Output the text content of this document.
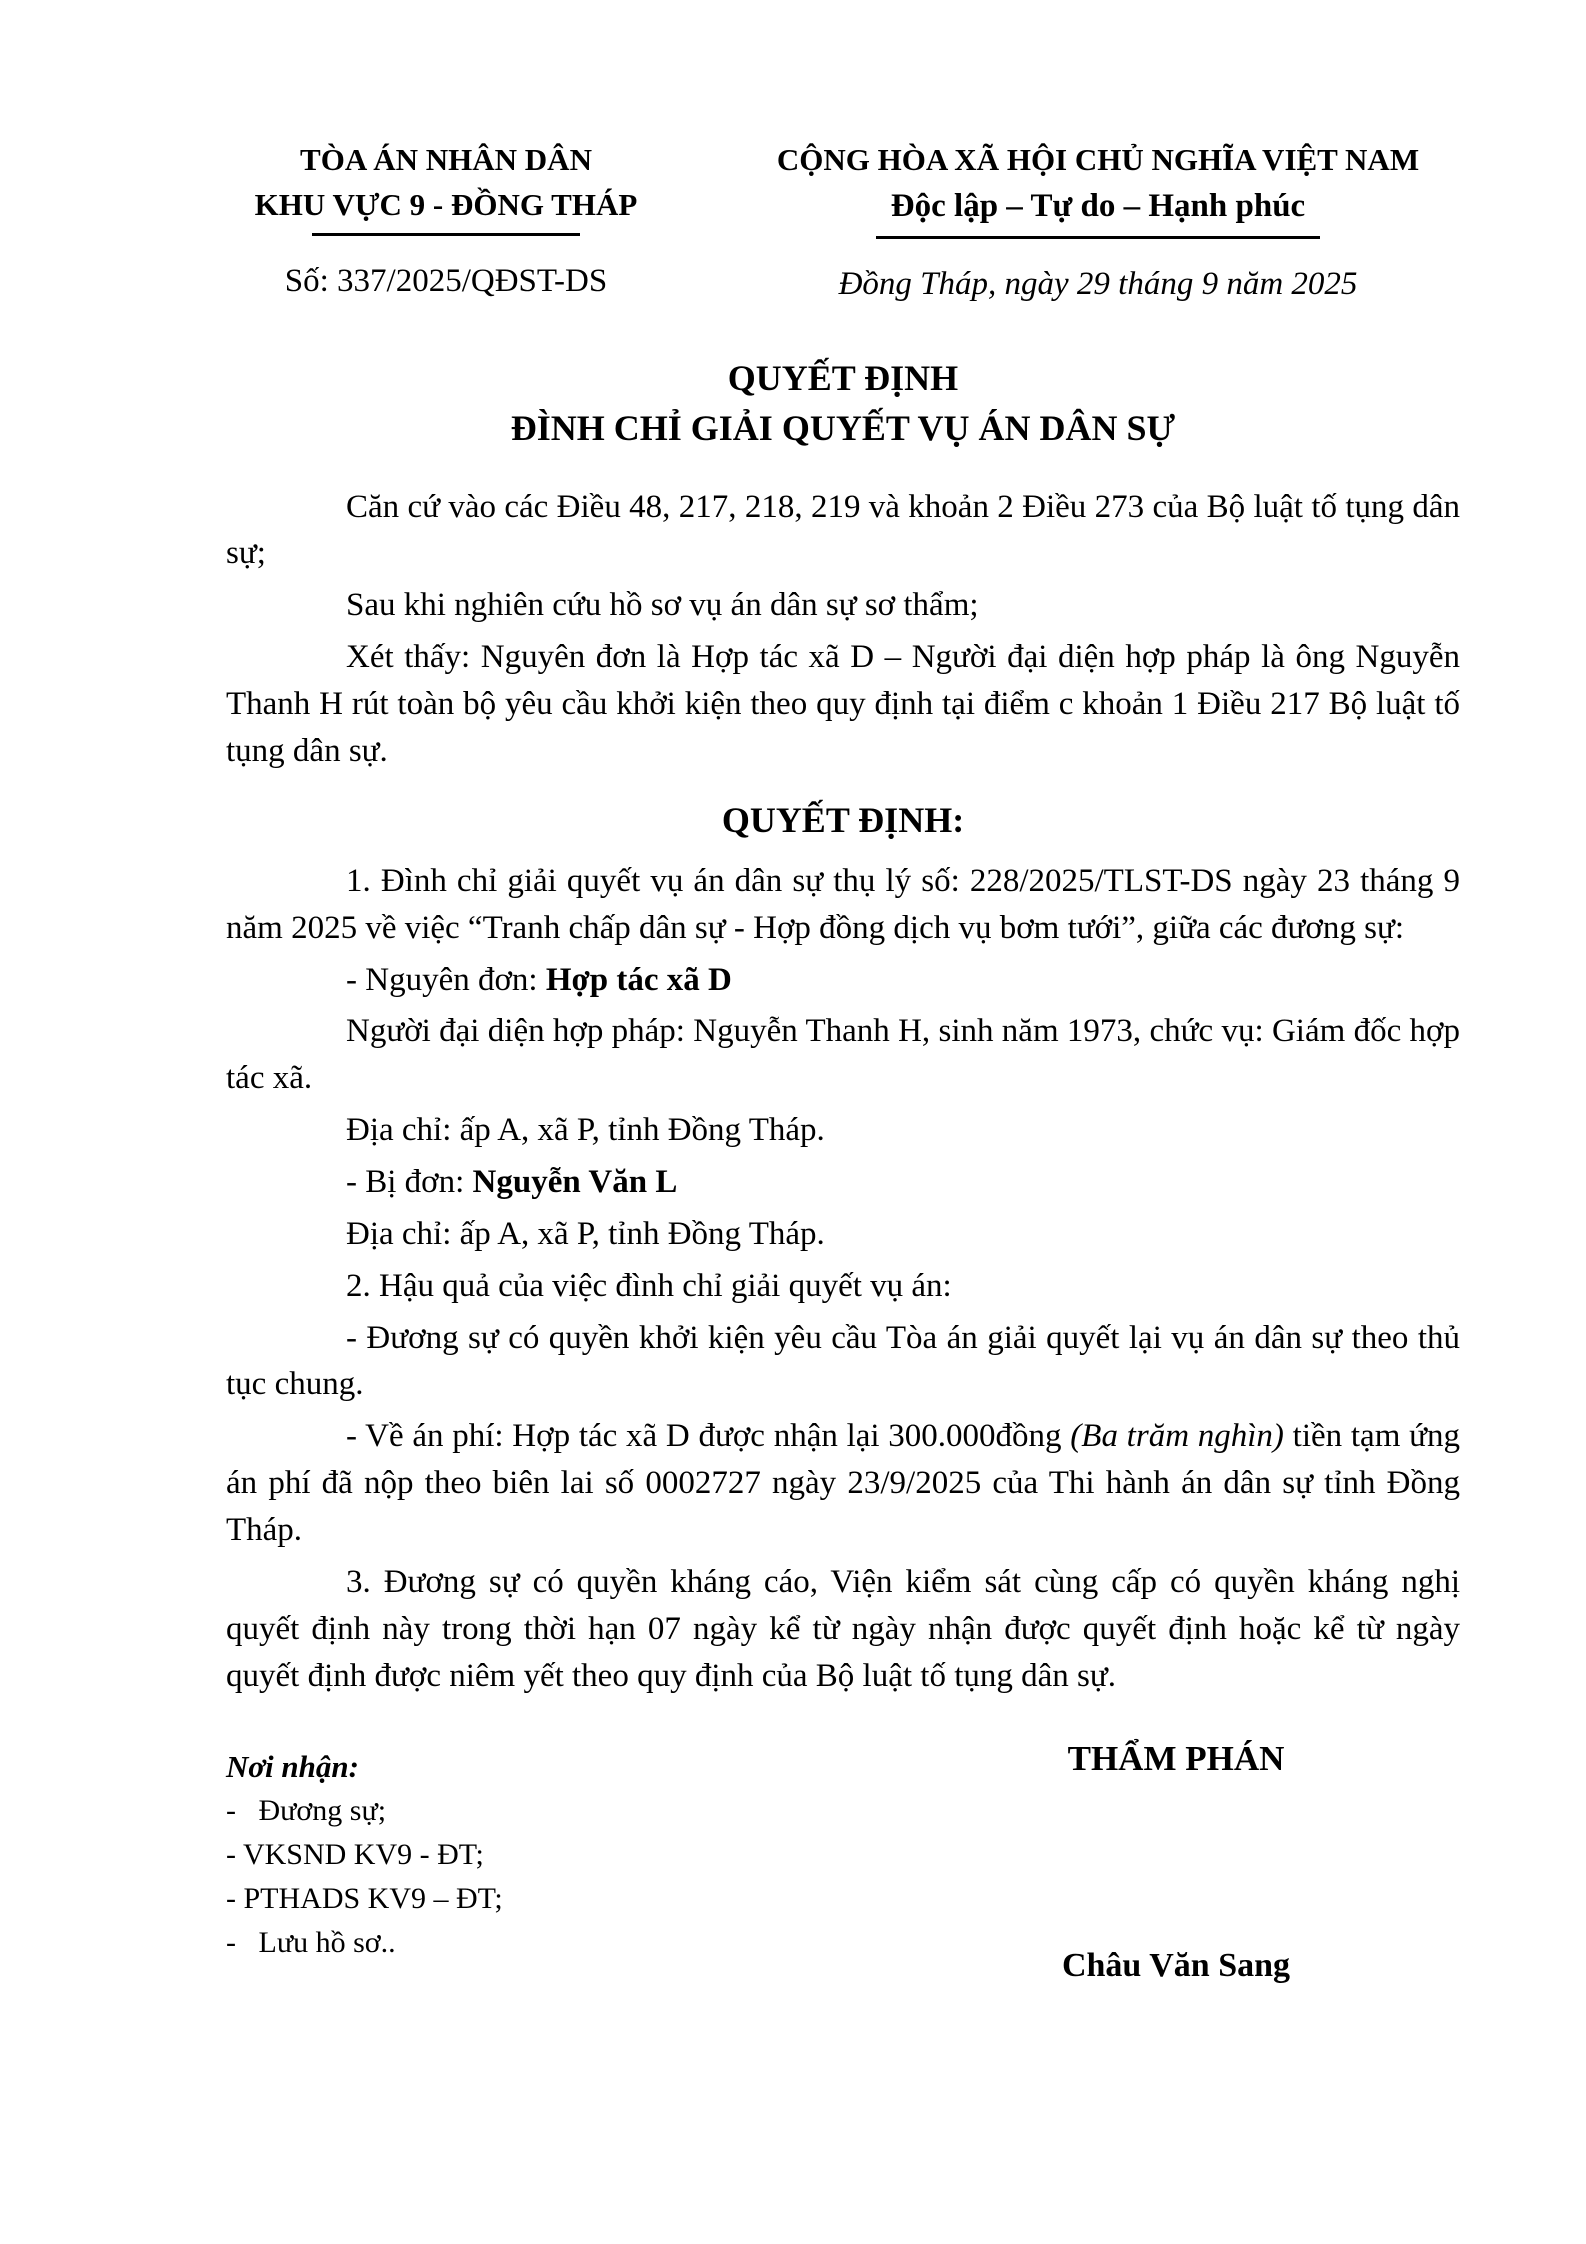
TÒA ÁN NHÂN DÂN
KHU VỰC 9 - ĐỒNG THÁP
Số: 337/2025/QĐST-DS
CỘNG HÒA XÃ HỘI CHỦ NGHĨA VIỆT NAM
Độc lập – Tự do – Hạnh phúc
Đồng Tháp, ngày 29 tháng 9 năm 2025
QUYẾT ĐỊNH
ĐÌNH CHỈ GIẢI QUYẾT VỤ ÁN DÂN SỰ

Căn cứ vào các Điều 48, 217, 218, 219 và khoản 2 Điều 273 của Bộ luật tố tụng dân sự;

Sau khi nghiên cứu hồ sơ vụ án dân sự sơ thẩm;

Xét thấy: Nguyên đơn là Hợp tác xã D – Người đại diện hợp pháp là ông Nguyễn Thanh H rút toàn bộ yêu cầu khởi kiện theo quy định tại điểm c khoản 1 Điều 217 Bộ luật tố tụng dân sự.

QUYẾT ĐỊNH:

1. Đình chỉ giải quyết vụ án dân sự thụ lý số: 228/2025/TLST-DS ngày 23 tháng 9 năm 2025 về việc “Tranh chấp dân sự - Hợp đồng dịch vụ bơm tưới”, giữa các đương sự:

- Nguyên đơn: Hợp tác xã D

Người đại diện hợp pháp: Nguyễn Thanh H, sinh năm 1973, chức vụ: Giám đốc hợp tác xã.

Địa chỉ: ấp A, xã P, tỉnh Đồng Tháp.

- Bị đơn: Nguyễn Văn L

Địa chỉ: ấp A, xã P, tỉnh Đồng Tháp.

2. Hậu quả của việc đình chỉ giải quyết vụ án:

- Đương sự có quyền khởi kiện yêu cầu Tòa án giải quyết lại vụ án dân sự theo thủ tục chung.

- Về án phí: Hợp tác xã D được nhận lại 300.000đồng (Ba trăm nghìn) tiền tạm ứng án phí đã nộp theo biên lai số 0002727 ngày 23/9/2025 của Thi hành án dân sự tỉnh Đồng Tháp.

3. Đương sự có quyền kháng cáo, Viện kiểm sát cùng cấp có quyền kháng nghị quyết định này trong thời hạn 07 ngày kể từ ngày nhận được quyết định hoặc kể từ ngày quyết định được niêm yết theo quy định của Bộ luật tố tụng dân sự.

Nơi nhận:
-   Đương sự;
- VKSND KV9 - ĐT;
- PTHADS KV9 – ĐT;
-   Lưu hồ sơ..
THẨM PHÁN
Châu Văn Sang
